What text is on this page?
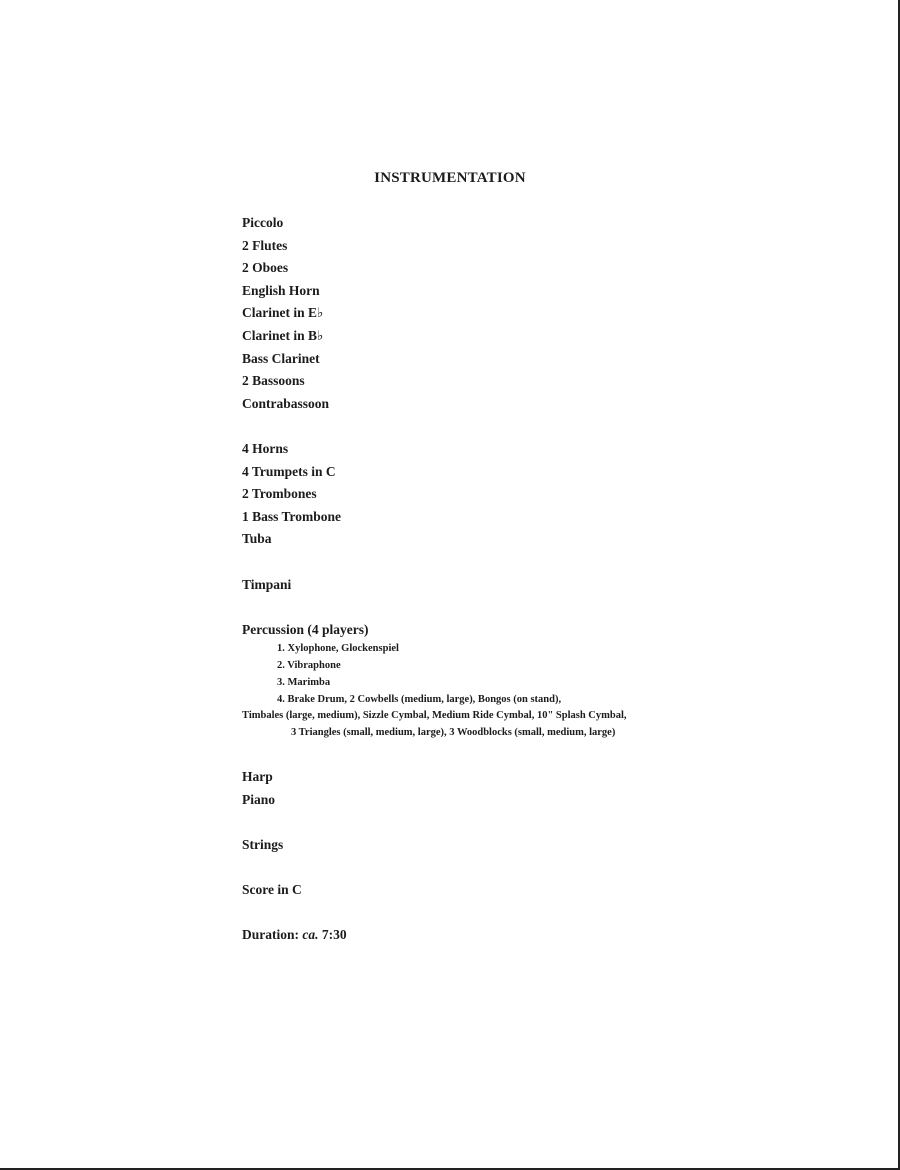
INSTRUMENTATION
Piccolo
2 Flutes
2 Oboes
English Horn
Clarinet in E♭
Clarinet in B♭
Bass Clarinet
2 Bassoons
Contrabassoon
4 Horns
4 Trumpets in C
2 Trombones
1 Bass Trombone
Tuba
Timpani
Percussion (4 players)
1. Xylophone, Glockenspiel
2. Vibraphone
3. Marimba
4. Brake Drum, 2 Cowbells (medium, large), Bongos (on stand),
Timbales (large, medium), Sizzle Cymbal, Medium Ride Cymbal, 10" Splash Cymbal,
3 Triangles (small, medium, large), 3 Woodblocks (small, medium, large)
Harp
Piano
Strings
Score in C
Duration: ca. 7:30
